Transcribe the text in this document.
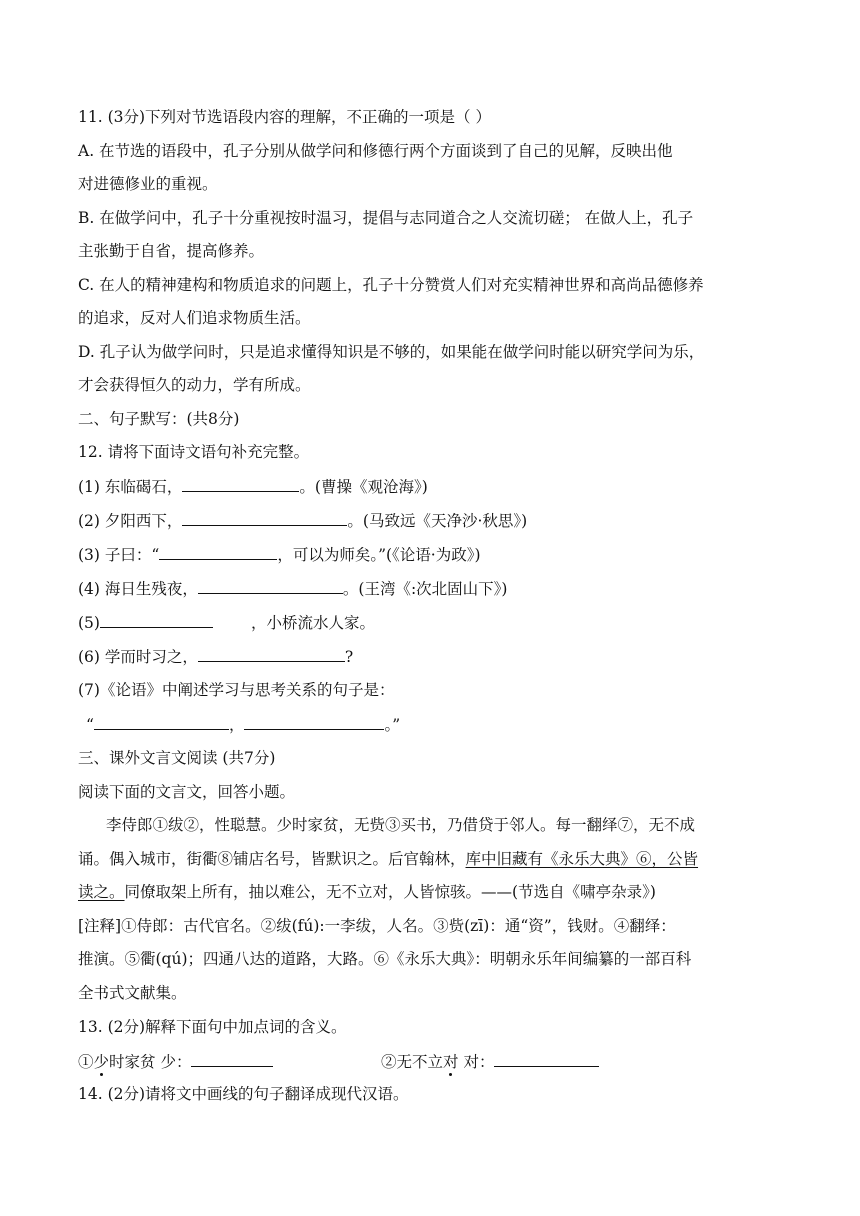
11. (3分)下列对节选语段内容的理解，不正确的一项是（ ）
A. 在节选的语段中，孔子分别从做学问和修德行两个方面谈到了自己的见解，反映出他
对进德修业的重视。
B. 在做学问中，孔子十分重视按时温习，提倡与志同道合之人交流切磋； 在做人上，孔子
主张勤于自省，提高修养。
C. 在人的精神建构和物质追求的问题上，孔子十分赞赏人们对充实精神世界和高尚品德修养
的追求，反对人们追求物质生活。
D. 孔子认为做学问时，只是追求懂得知识是不够的，如果能在做学问时能以研究学问为乐，
才会获得恒久的动力，学有所成。
二、句子默写：(共8分)
12. 请将下面诗文语句补充完整。
(1) 东临碣石，	。(曹操《观沧海》)
(2) 夕阳西下，	。(马致远《天净沙·秋思》)
(3) 子曰：“	，可以为师矣。”(《论语·为政》)
(4) 海日生残夜，	。(王湾《:次北固山下》)
(5)	，小桥流水人家。
(6) 学而时习之，	?
(7)《论语》中阐述学习与思考关系的句子是：
“	，	。”
三、课外文言文阅读 (共7分)
阅读下面的文言文，回答小题。
李侍郎①绂②，性聪慧。少时家贫，无赀③买书，乃借贷于邻人。每一翻绎⑦，无不成
诵。偶入城市，街衢⑧铺店名号，皆默识之。后官翰林，库中旧藏有《永乐大典》⑥，公皆
读之。同僚取架上所有，抽以难公，无不立对，人皆惊骇。——(节选自《啸亭杂录》)
[注释]①侍郎：古代官名。②绂(fú):一李绂，人名。③赀(zī)：通“资”，钱财。④翻绎：
推演。⑤衢(qú)；四通八达的道路，大路。⑥《永乐大典》：明朝永乐年间编纂的一部百科
全书式文献集。
13. (2分)解释下面句中加点词的含义。
①少时家贫 少：	②无不立对 对：
14. (2分)请将文中画线的句子翻译成现代汉语。
